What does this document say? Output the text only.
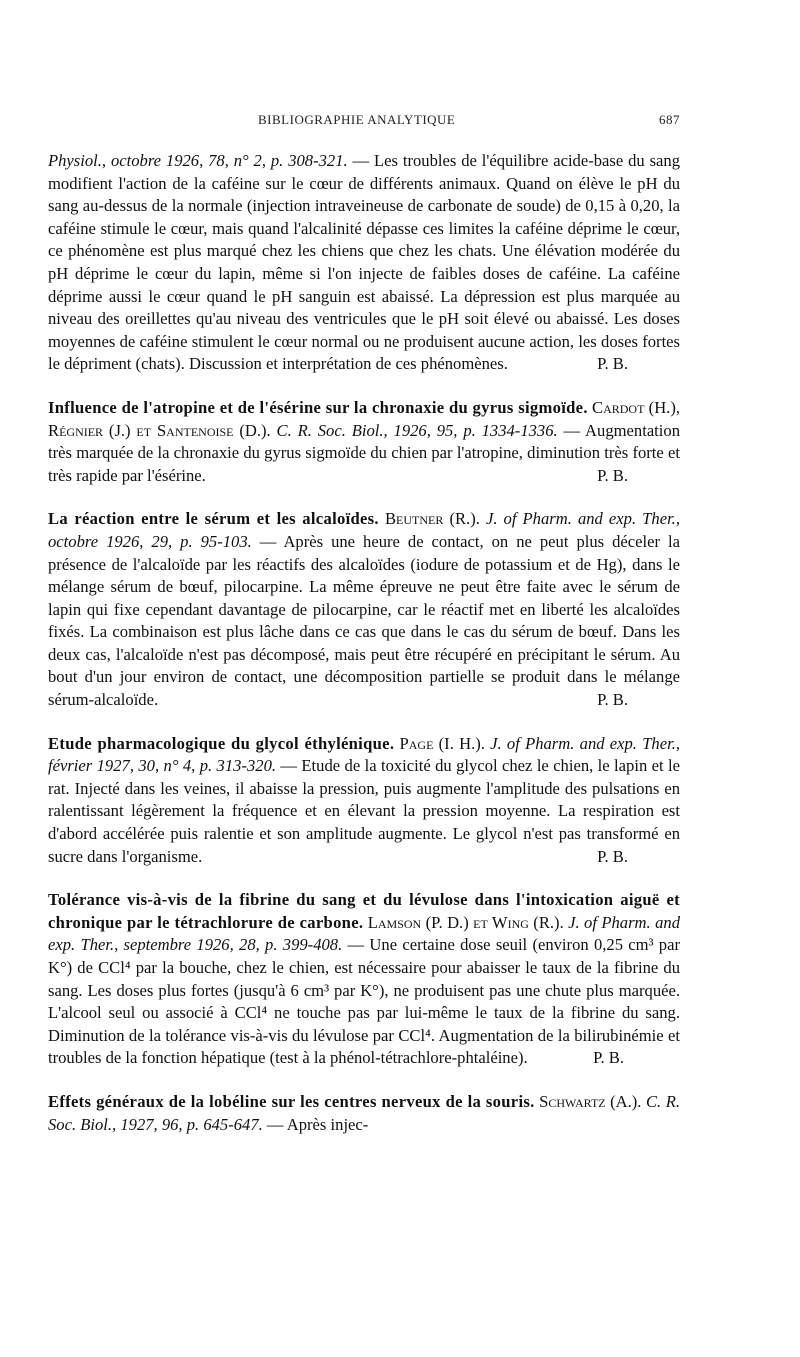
BIBLIOGRAPHIE ANALYTIQUE	687
Physiol., octobre 1926, 78, n° 2, p. 308-321. — Les troubles de l'équilibre acide-base du sang modifient l'action de la caféine sur le cœur de différents animaux. Quand on élève le pH du sang au-dessus de la normale (injection intraveineuse de carbonate de soude) de 0,15 à 0,20, la caféine stimule le cœur, mais quand l'alcalinité dépasse ces limites la caféine déprime le cœur, ce phénomène est plus marqué chez les chiens que chez les chats. Une élévation modérée du pH déprime le cœur du lapin, même si l'on injecte de faibles doses de caféine. La caféine déprime aussi le cœur quand le pH sanguin est abaissé. La dépression est plus marquée au niveau des oreillettes qu'au niveau des ventricules que le pH soit élevé ou abaissé. Les doses moyennes de caféine stimulent le cœur normal ou ne produisent aucune action, les doses fortes le dépriment (chats). Discussion et interprétation de ces phénomènes.	P. B.
Influence de l'atropine et de l'ésérine sur la chronaxie du gyrus sigmoïde. Cardot (H.), Régnier (J.) et Santenoise (D.). C. R. Soc. Biol., 1926, 95, p. 1334-1336. — Augmentation très marquée de la chronaxie du gyrus sigmoïde du chien par l'atropine, diminution très forte et très rapide par l'ésérine.	P. B.
La réaction entre le sérum et les alcaloïdes. Beutner (R.). J. of Pharm. and exp. Ther., octobre 1926, 29, p. 95-103. — Après une heure de contact, on ne peut plus déceler la présence de l'alcaloïde par les réactifs des alcaloïdes (iodure de potassium et de Hg), dans le mélange sérum de bœuf, pilocarpine. La même épreuve ne peut être faite avec le sérum de lapin qui fixe cependant davantage de pilocarpine, car le réactif met en liberté les alcaloïdes fixés. La combinaison est plus lâche dans ce cas que dans le cas du sérum de bœuf. Dans les deux cas, l'alcaloïde n'est pas décomposé, mais peut être récupéré en précipitant le sérum. Au bout d'un jour environ de contact, une décomposition partielle se produit dans le mélange sérum-alcaloïde.	P. B.
Etude pharmacologique du glycol éthylénique. Page (I. H.). J. of Pharm. and exp. Ther., février 1927, 30, n° 4, p. 313-320. — Etude de la toxicité du glycol chez le chien, le lapin et le rat. Injecté dans les veines, il abaisse la pression, puis augmente l'amplitude des pulsations en ralentissant légèrement la fréquence et en élevant la pression moyenne. La respiration est d'abord accélérée puis ralentie et son amplitude augmente. Le glycol n'est pas transformé en sucre dans l'organisme.	P. B.
Tolérance vis-à-vis de la fibrine du sang et du lévulose dans l'intoxication aiguë et chronique par le tétrachlorure de carbone. Lamson (P. D.) et Wing (R.). J. of Pharm. and exp. Ther., septembre 1926, 28, p. 399-408. — Une certaine dose seuil (environ 0,25 cm³ par K°) de CCl⁴ par la bouche, chez le chien, est nécessaire pour abaisser le taux de la fibrine du sang. Les doses plus fortes (jusqu'à 6 cm³ par K°), ne produisent pas une chute plus marquée. L'alcool seul ou associé à CCl⁴ ne touche pas par lui-même le taux de la fibrine du sang. Diminution de la tolérance vis-à-vis du lévulose par CCl⁴. Augmentation de la bilirubinémie et troubles de la fonction hépatique (test à la phénol-tétrachlore-phtaléine).	P. B.
Effets généraux de la lobéline sur les centres nerveux de la souris. Schwartz (A.). C. R. Soc. Biol., 1927, 96, p. 645-647. — Après injec-
